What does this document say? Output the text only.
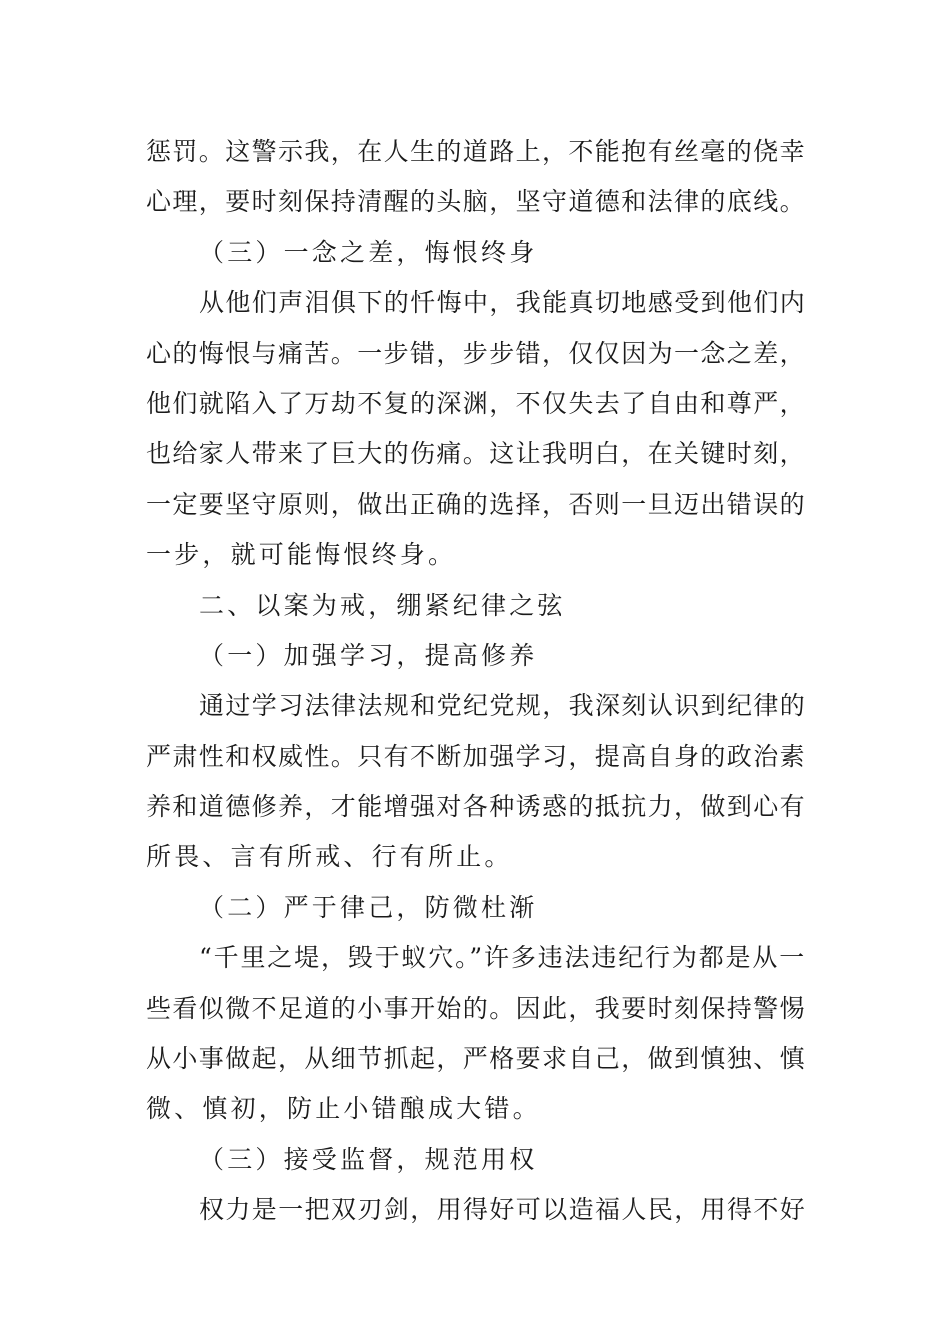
惩罚。这警示我，在人生的道路上，不能抱有丝毫的侥幸
心理，要时刻保持清醒的头脑，坚守道德和法律的底线。
（三）一念之差，悔恨终身
从他们声泪俱下的忏悔中，我能真切地感受到他们内
心的悔恨与痛苦。一步错，步步错，仅仅因为一念之差，
他们就陷入了万劫不复的深渊，不仅失去了自由和尊严，
也给家人带来了巨大的伤痛。这让我明白，在关键时刻，
一定要坚守原则，做出正确的选择，否则一旦迈出错误的
一步，就可能悔恨终身。
二、以案为戒，绷紧纪律之弦
（一）加强学习，提高修养
通过学习法律法规和党纪党规，我深刻认识到纪律的
严肃性和权威性。只有不断加强学习，提高自身的政治素
养和道德修养，才能增强对各种诱惑的抵抗力，做到心有
所畏、言有所戒、行有所止。
（二）严于律己，防微杜渐
“千里之堤，毁于蚁穴。”许多违法违纪行为都是从一
些看似微不足道的小事开始的。因此，我要时刻保持警惕
从小事做起，从细节抓起，严格要求自己，做到慎独、慎
微、慎初，防止小错酿成大错。
（三）接受监督，规范用权
权力是一把双刃剑，用得好可以造福人民，用得不好
